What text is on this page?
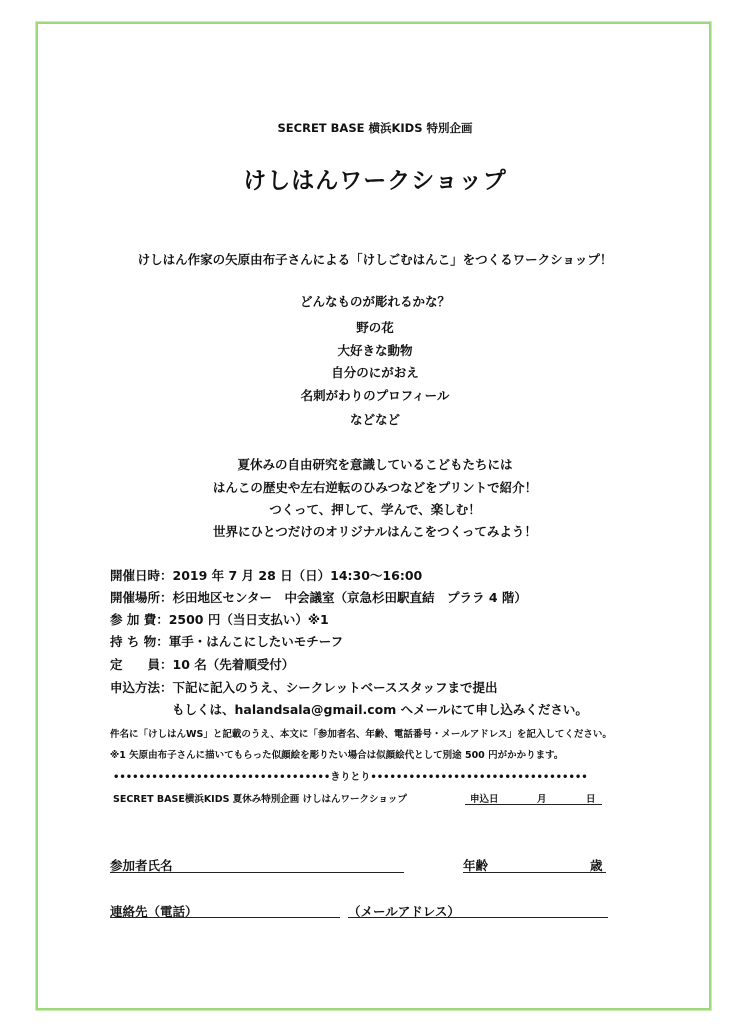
SECRET BASE 横浜KIDS 特別企画
けしはんワークショップ
けしはん作家の矢原由布子さんによる「けしごむはんこ」をつくるワークショップ！
どんなものが彫れるかな？
野の花
大好きな動物
自分のにがおえ
名刺がわりのプロフィール
などなど
夏休みの自由研究を意識しているこどもたちには
はんこの歴史や左右逆転のひみつなどをプリントで紹介！
つくって、押して、学んで、楽しむ！
世界にひとつだけのオリジナルはんこをつくってみよう！
開催日時：2019 年 7 月 28 日（日）14:30～16:00
開催場所：杉田地区センター　中会議室（京急杉田駅直結　プララ 4 階）
参 加 費：2500 円（当日支払い）※1
持 ち 物：軍手・はんこにしたいモチーフ
定　　員：10 名（先着順受付）
申込方法：下記に記入のうえ、シークレットベーススタッフまで提出
もしくは、halandsala@gmail.com へメールにて申し込みください。
件名に「けしはんWS」と記載のうえ、本文に「参加者名、年齢、電話番号・メールアドレス」を記入してください。
※1 矢原由布子さんに描いてもらった似顔絵を彫りたい場合は似顔絵代として別途 500 円がかかります。
••••••••••••••••••••••••••••••••••きりとり••••••••••••••••••••••••••••••••••
SECRET BASE横浜KIDS 夏休み特別企画 けしはんワークショップ	申込日	月	日
参加者氏名	年齢	歳
連絡先（電話）	（メールアドレス）
